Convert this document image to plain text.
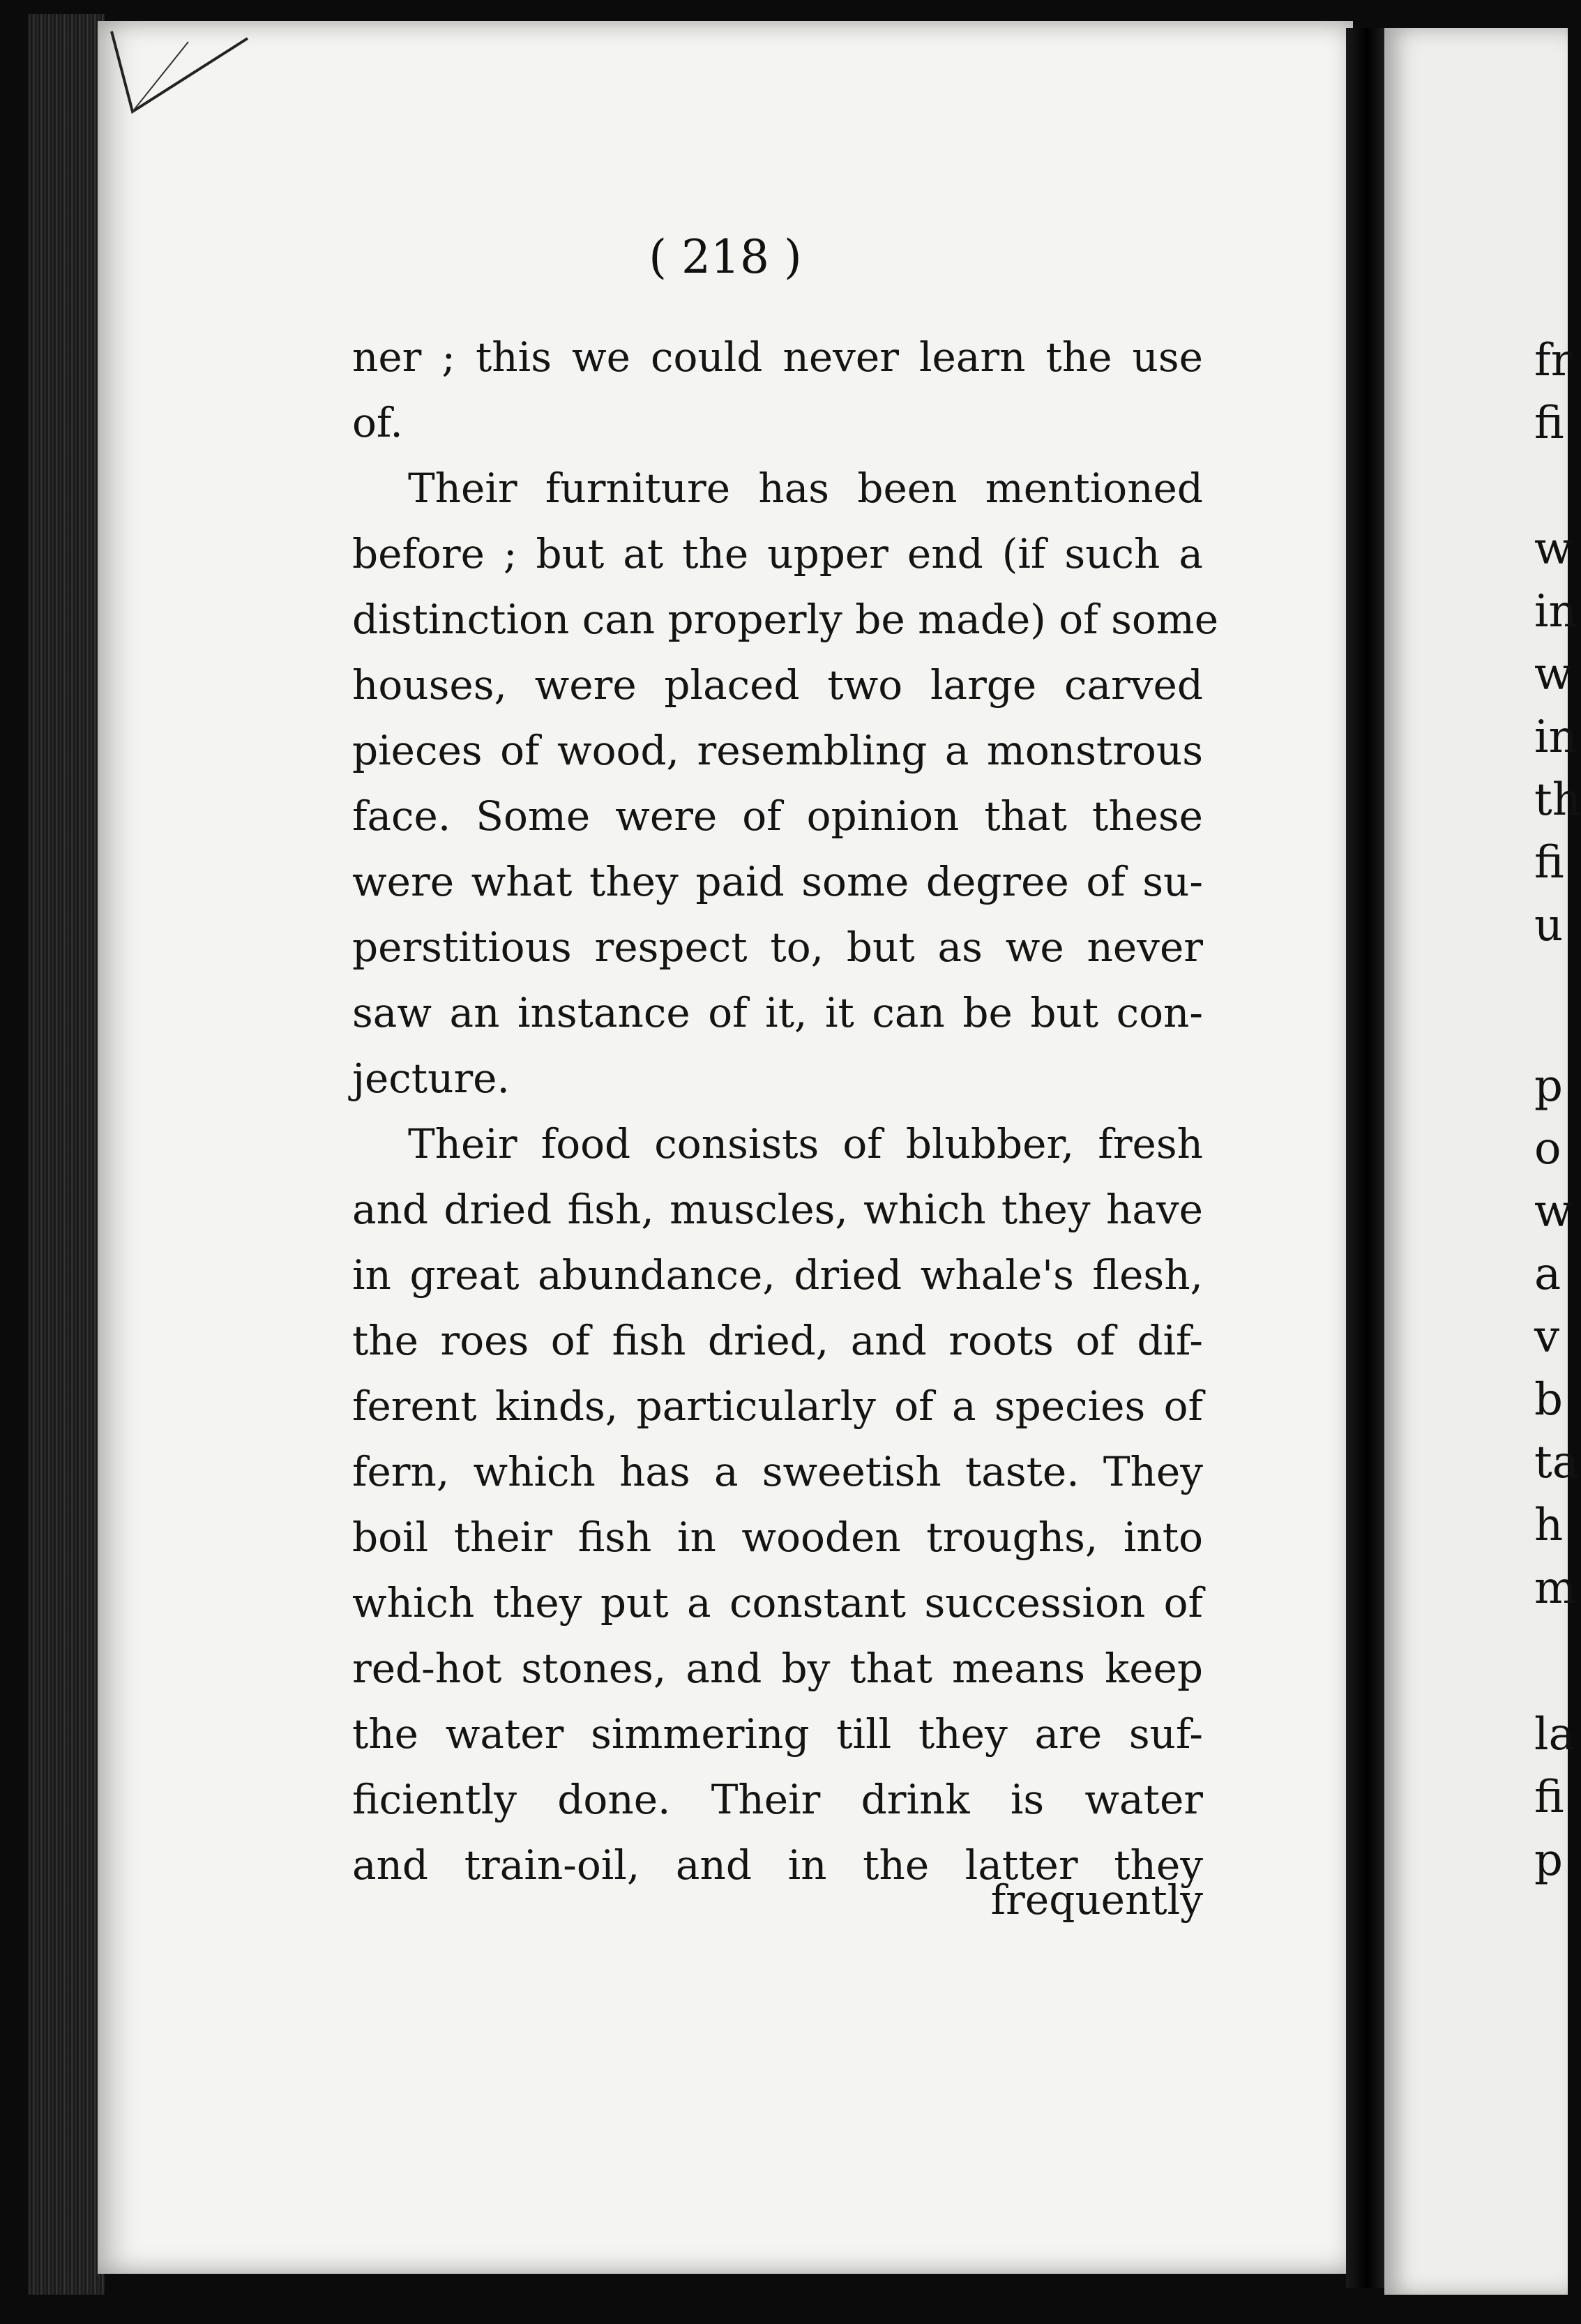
fr
fi
w
in
w
in
th
fi
u
p
o
w
a
v
b
ta
h
m
la
fi
p
( 218 )
ner ; this we could never learn the use
of.
Their furniture has been mentioned
before ; but at the upper end (if such a
distinction can properly be made) of some
houses, were placed two large carved
pieces of wood, resembling a monstrous
face. Some were of opinion that these
were what they paid some degree of su-
perstitious respect to, but as we never
saw an instance of it, it can be but con-
jecture.
Their food consists of blubber, fresh
and dried fish, muscles, which they have
in great abundance, dried whale's flesh,
the roes of fish dried, and roots of dif-
ferent kinds, particularly of a species of
fern, which has a sweetish taste. They
boil their fish in wooden troughs, into
which they put a constant succession of
red-hot stones, and by that means keep
the water simmering till they are suf-
ficiently done. Their drink is water
and train-oil, and in the latter they
frequently
